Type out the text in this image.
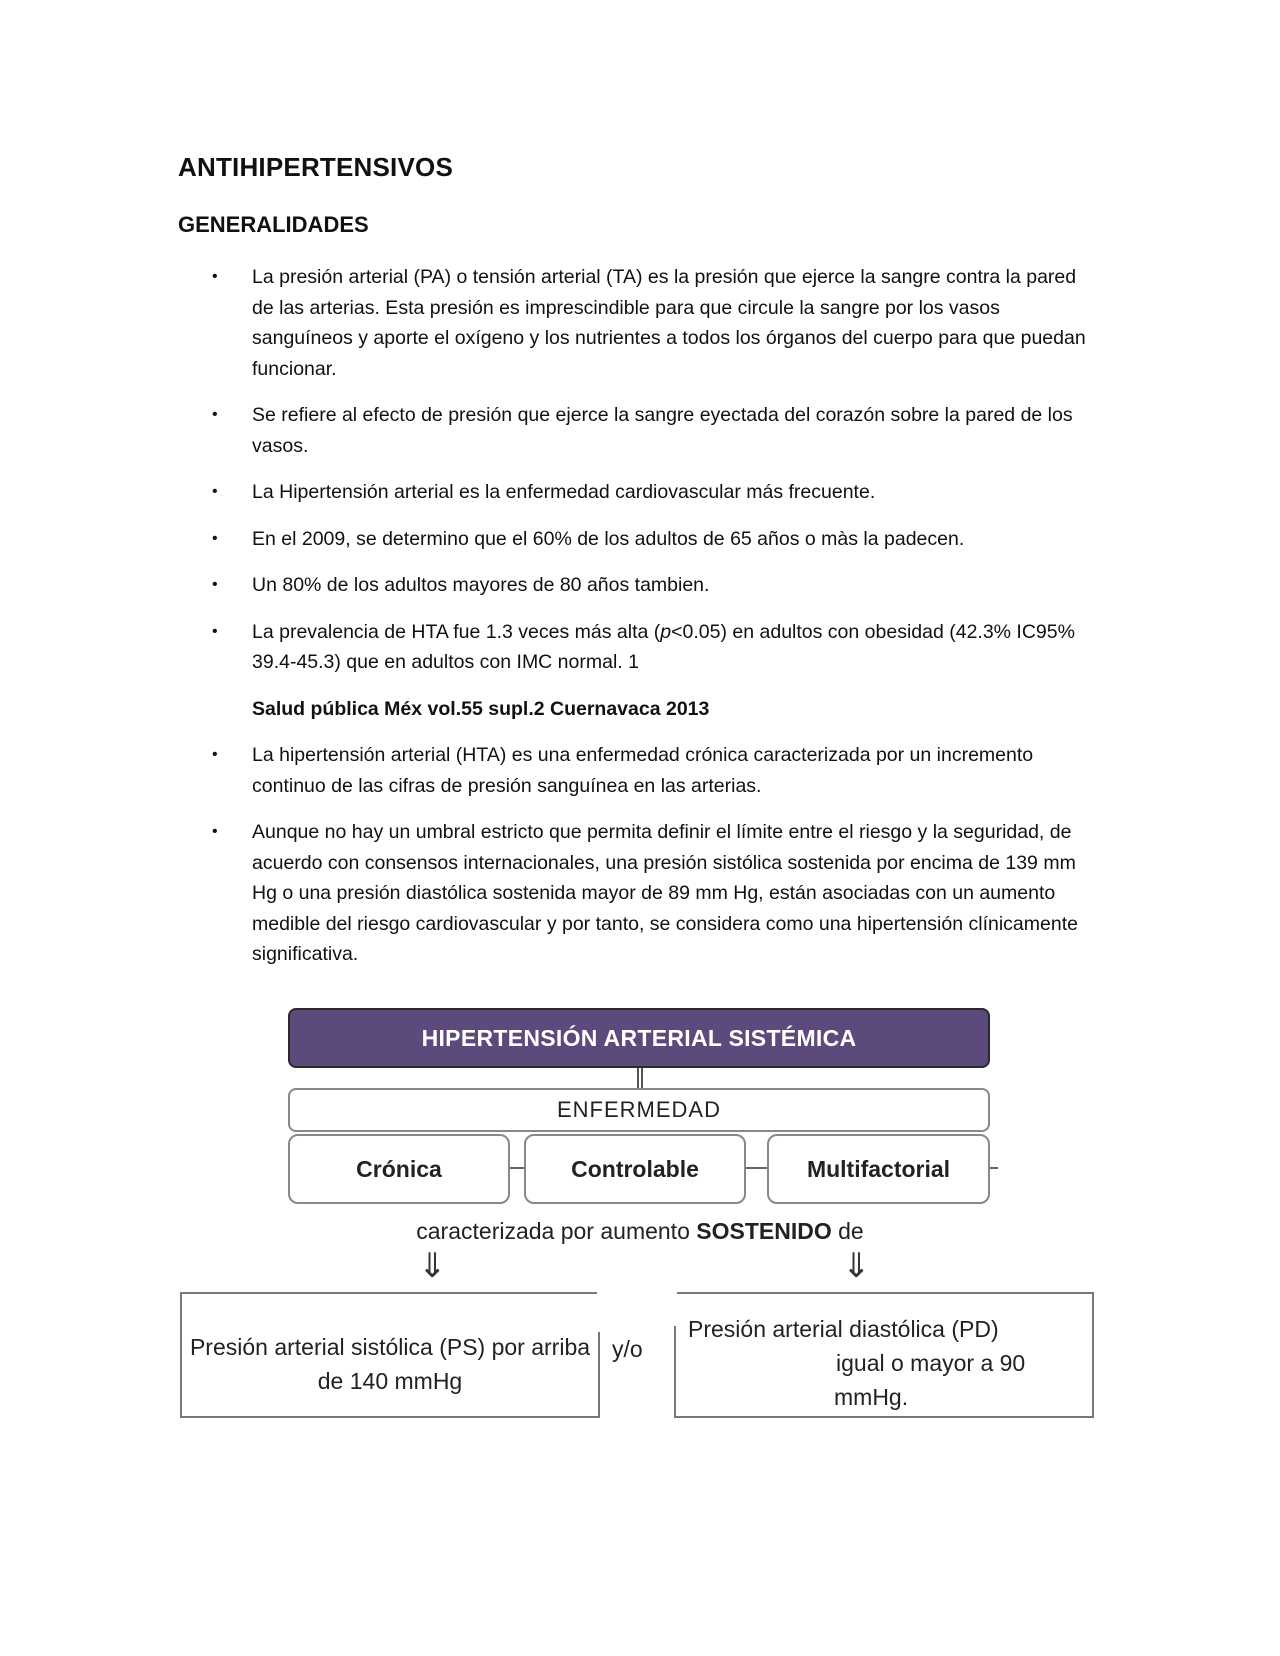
ANTIHIPERTENSIVOS
GENERALIDADES

• La presión arterial (PA) o tensión arterial (TA) es la presión que ejerce la sangre contra la pared de las arterias. Esta presión es imprescindible para que circule la sangre por los vasos sanguíneos y aporte el oxígeno y los nutrientes a todos los órganos del cuerpo para que puedan funcionar.

• Se refiere al efecto de presión que ejerce la sangre eyectada del corazón sobre la pared de los vasos.

• La Hipertensión arterial es la enfermedad cardiovascular más frecuente.

• En el 2009, se determino que el 60% de los adultos de 65 años o màs la padecen.

• Un 80% de los adultos mayores de 80 años tambien.

• La prevalencia de HTA fue 1.3 veces más alta (p<0.05) en adultos con obesidad (42.3% IC95% 39.4-45.3) que en adultos con IMC normal. 1

Salud pública Méx vol.55 supl.2 Cuernavaca 2013

• La hipertensión arterial (HTA) es una enfermedad crónica caracterizada por un incremento continuo de las cifras de presión sanguínea en las arterias.

• Aunque no hay un umbral estricto que permita definir el límite entre el riesgo y la seguridad, de acuerdo con consensos internacionales, una presión sistólica sostenida por encima de 139 mm Hg o una presión diastólica sostenida mayor de 89 mm Hg, están asociadas con un aumento medible del riesgo cardiovascular y por tanto, se considera como una hipertensión clínicamente significativa.

HIPERTENSIÓN ARTERIAL SISTÉMICA
ENFERMEDAD
Crónica	Controlable	Multifactorial
caracterizada por aumento SOSTENIDO de
⇓	⇓
Presión arterial sistólica (PS) por arriba de 140 mmHg
y/o
Presión arterial diastólica (PD)
igual o mayor a 90
mmHg.
